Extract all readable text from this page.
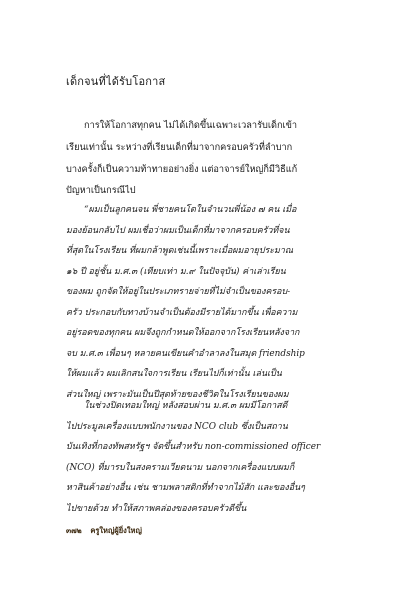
เด็กจนที่ได้รับโอกาส
การให้โอกาสทุกคน ไม่ได้เกิดขึ้นเฉพาะเวลารับเด็กเข้า
เรียนเท่านั้น ระหว่างที่เรียนเด็กที่มาจากครอบครัวที่ลำบาก
บางครั้งก็เป็นความท้าทายอย่างยิ่ง แต่อาจารย์ใหญ่ก็มีวิธีแก้
ปัญหาเป็นกรณีไป
“ผมเป็นลูกคนจน พี่ชายคนโตในจำนวนพี่น้อง ๗ คน เมื่อ
มองย้อนกลับไป ผมเชื่อว่าผมเป็นเด็กที่มาจากครอบครัวที่จน
ที่สุดในโรงเรียน ที่ผมกล้าพูดเช่นนี้เพราะเมื่อผมอายุประมาณ
๑๖ ปี อยู่ชั้น ม.ศ.๓ (เทียบเท่า ม.๙ ในปัจจุบัน) ค่าเล่าเรียน
ของผม ถูกจัดให้อยู่ในประเภทรายจ่ายที่ไม่จำเป็นของครอบ-
ครัว ประกอบกับทางบ้านจำเป็นต้องมีรายได้มากขึ้น เพื่อความ
อยู่รอดของทุกคน ผมจึงถูกกำหนดให้ออกจากโรงเรียนหลังจาก
จบ ม.ศ.๓ เพื่อนๆ หลายคนเขียนคำอำลาลงในสมุด friendship
ให้ผมแล้ว ผมเลิกสนใจการเรียน เรียนไปก็เท่านั้น เล่นเป็น
ส่วนใหญ่ เพราะมันเป็นปีสุดท้ายของชีวิตในโรงเรียนของผม
ในช่วงปิดเทอมใหญ่ หลังสอบผ่าน ม.ศ.๓ ผมมีโอกาสดี
ไปประมูลเครื่องแบบพนักงานของ NCO club ซึ่งเป็นสถาน
บันเทิงที่กองทัพสหรัฐฯ จัดขึ้นสำหรับ non-commissioned officer
(NCO) ที่มารบในสงครามเวียดนาม นอกจากเครื่องแบบผมก็
หาสินค้าอย่างอื่น เช่น ชามพลาสติกที่ทำจากไม้สัก และของอื่นๆ
ไปขายด้วย ทำให้สภาพคล่องของครอบครัวดีขึ้น
๓๗๒ ครูใหญ่ผู้ยิ่งใหญ่
